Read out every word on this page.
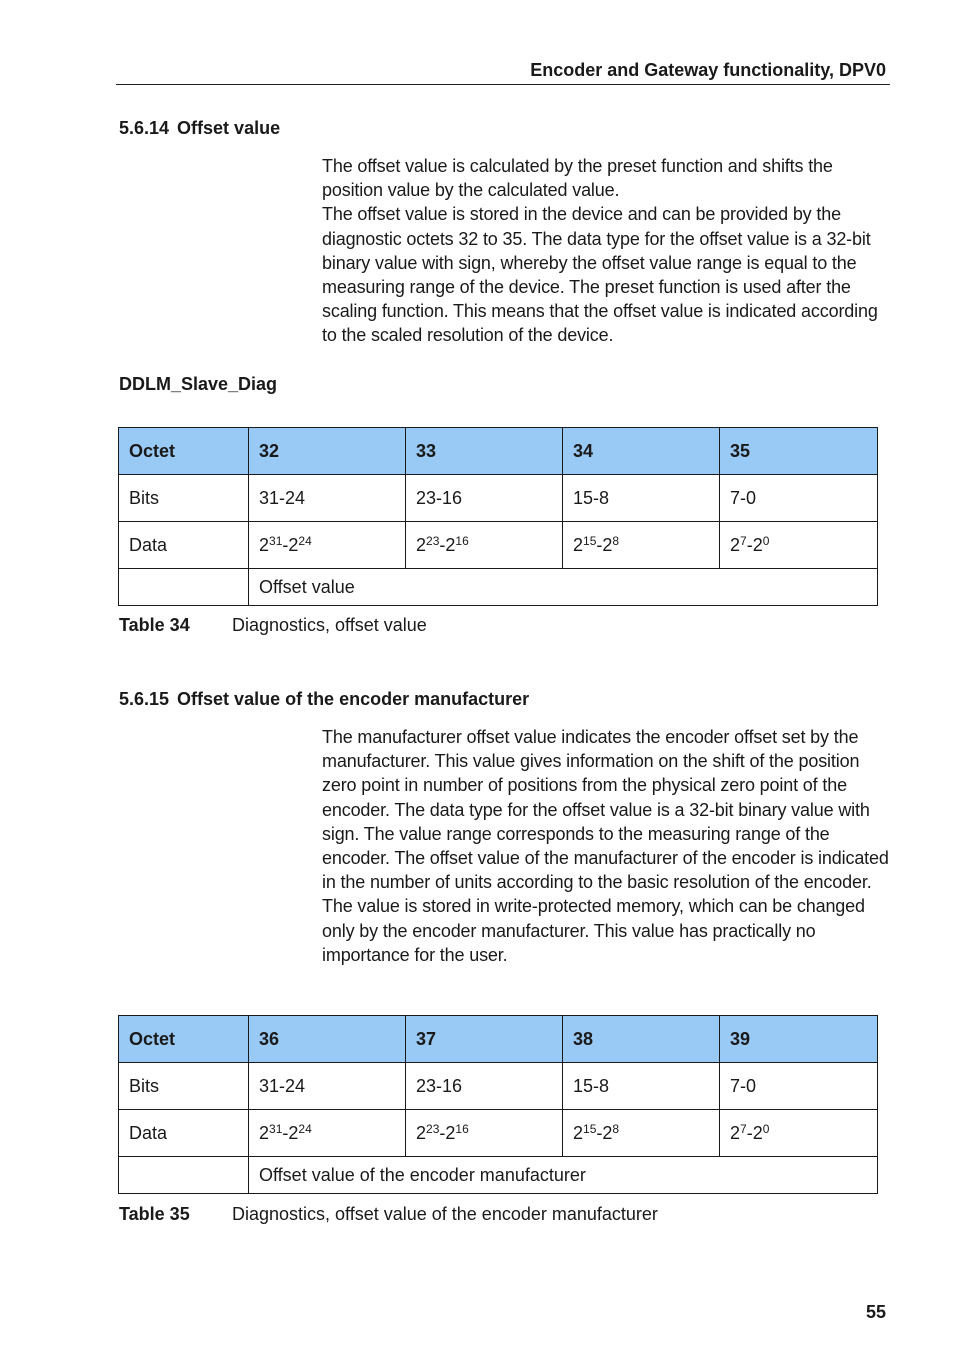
Encoder and Gateway functionality, DPV0
5.6.14 Offset value

The offset value is calculated by the preset function and shifts the position value by the calculated value.

The offset value is stored in the device and can be provided by the diagnostic octets 32 to 35. The data type for the offset value is a 32-bit binary value with sign, whereby the offset value range is equal to the measuring range of the device. The preset function is used after the scaling function. This means that the offset value is indicated according to the scaled resolution of the device.

DDLM_Slave_Diag
Octet	32	33	34	35
Bits	31-24	23-16	15-8	7-0
Data	$2^{31}-2^{24}$	$2^{23}-2^{16}$	$2^{15}-2^8$	$2^7-2^0$
	Offset value			
Table 34 Diagnostics, offset value
5.6.15 Offset value of the encoder manufacturer

The manufacturer offset value indicates the encoder offset set by the manufacturer. This value gives information on the shift of the position zero point in number of positions from the physical zero point of the encoder. The data type for the offset value is a 32-bit binary value with sign. The value range corresponds to the measuring range of the encoder. The offset value of the manufacturer of the encoder is indicated in the number of units according to the basic resolution of the encoder. The value is stored in write-protected memory, which can be changed only by the encoder manufacturer. This value has practically no importance for the user.

Octet	36	37	38	39
Bits	31-24	23-16	15-8	7-0
Data	$2^{31}-2^{24}$	$2^{23}-2^{16}$	$2^{15}-2^8$	$2^7-2^0$
	Offset value of the encoder manufacturer			
Table 35 Diagnostics, offset value of the encoder manufacturer
55
